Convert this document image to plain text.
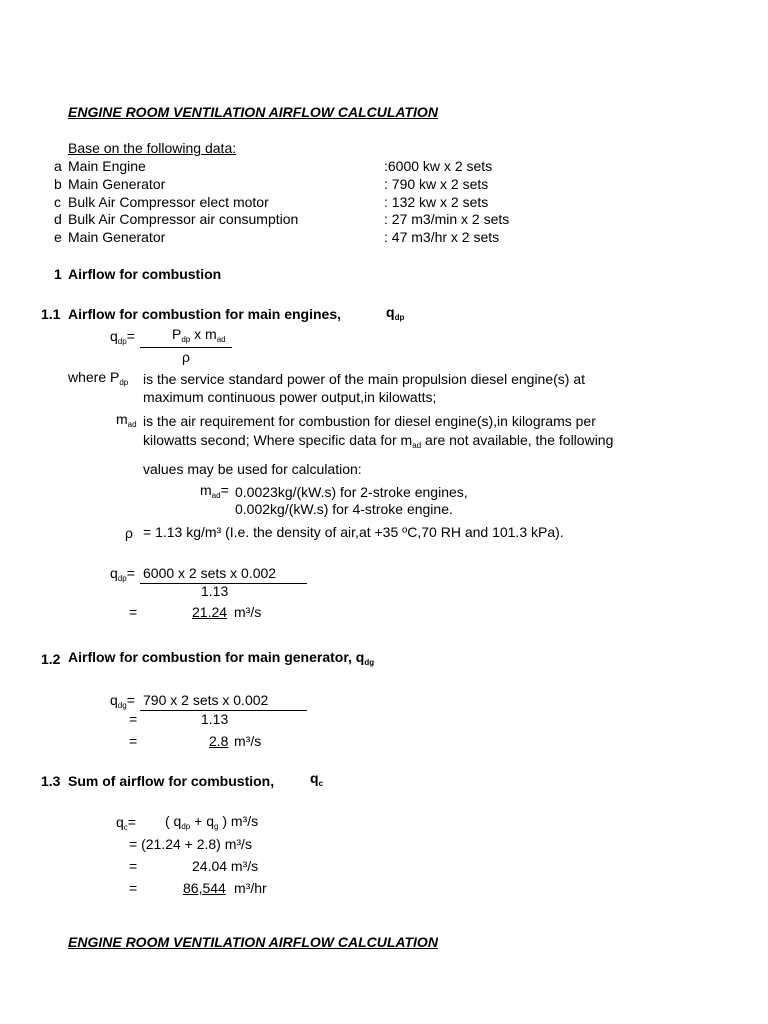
ENGINE ROOM VENTILATION AIRFLOW CALCULATION
Base on the following data:
a Main Engine	:6000 kw x 2 sets
b Main Generator	: 790 kw x 2 sets
c Bulk Air Compressor elect motor	: 132 kw x 2 sets
d Bulk Air Compressor air consumption	: 27 m3/min x 2 sets
e Main Generator	: 47 m3/hr x 2 sets
1 Airflow for combustion
1.1 Airflow for combustion for main engines,	$q_{dp}$
$q_{dp}=$	$P_{dp}$ x $m_{ad}$
ρ
where $P_{dp}$ is the service standard power of the main propulsion diesel engine(s) at
maximum continuous power output,in kilowatts;
$m_{ad}$ is the air requirement for combustion for diesel engine(s),in kilograms per
kilowatts second; Where specific data for $m_{ad}$ are not available, the following
values may be used for calculation:
$m_{ad}= 0.0023kg/(kW.s)$ for 2-stroke engines,
0.002kg/(kW.s) for 4-stroke engine.
ρ = 1.13 kg/m³ (I.e. the density of air,at +35 ºC,70 RH and 101.3 kPa).
$q_{dp}= 6000$ x 2 sets x 0.002
1.13
=	21.24 m³/s
1.2 Airflow for combustion for main generator, $q_{dg}$
$q_{dg}= 790$ x 2 sets x 0.002
=	1.13
=	2.8 m³/s
1.3 Sum of airflow for combustion,	$q_c$
$q_c=$ ( $q_{dp} + q_g$ ) m³/s
= (21.24 + 2.8) m³/s
=	24.04 m³/s
=	86,544 m³/hr
ENGINE ROOM VENTILATION AIRFLOW CALCULATION
